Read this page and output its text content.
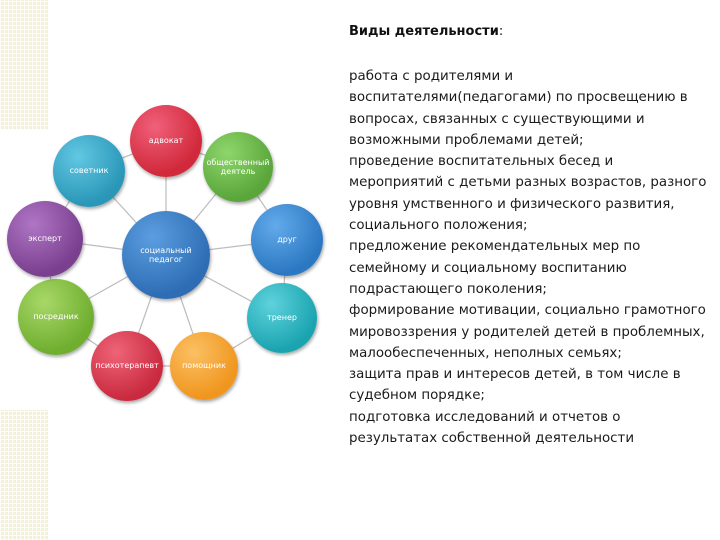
социальный педагог
адвокат
общественный деятель
друг
тренер
помощник
психотерапевт
посредник
эксперт
советник
Виды деятельности:

работа с родителями и воспитателями(педагогами) по просвещению в вопросах, связанных с существующими и возможными проблемами детей;

проведение воспитательных бесед и мероприятий с детьми разных возрастов, разного уровня умственного и физического развития, социального положения;

предложение рекомендательных мер по семейному и социальному воспитанию подрастающего поколения;

формирование мотивации, социально грамотного мировоззрения у родителей детей в проблемных, малообеспеченных, неполных семьях;

защита прав и интересов детей, в том числе в судебном порядке;

подготовка исследований и отчетов о результатах собственной деятельности
